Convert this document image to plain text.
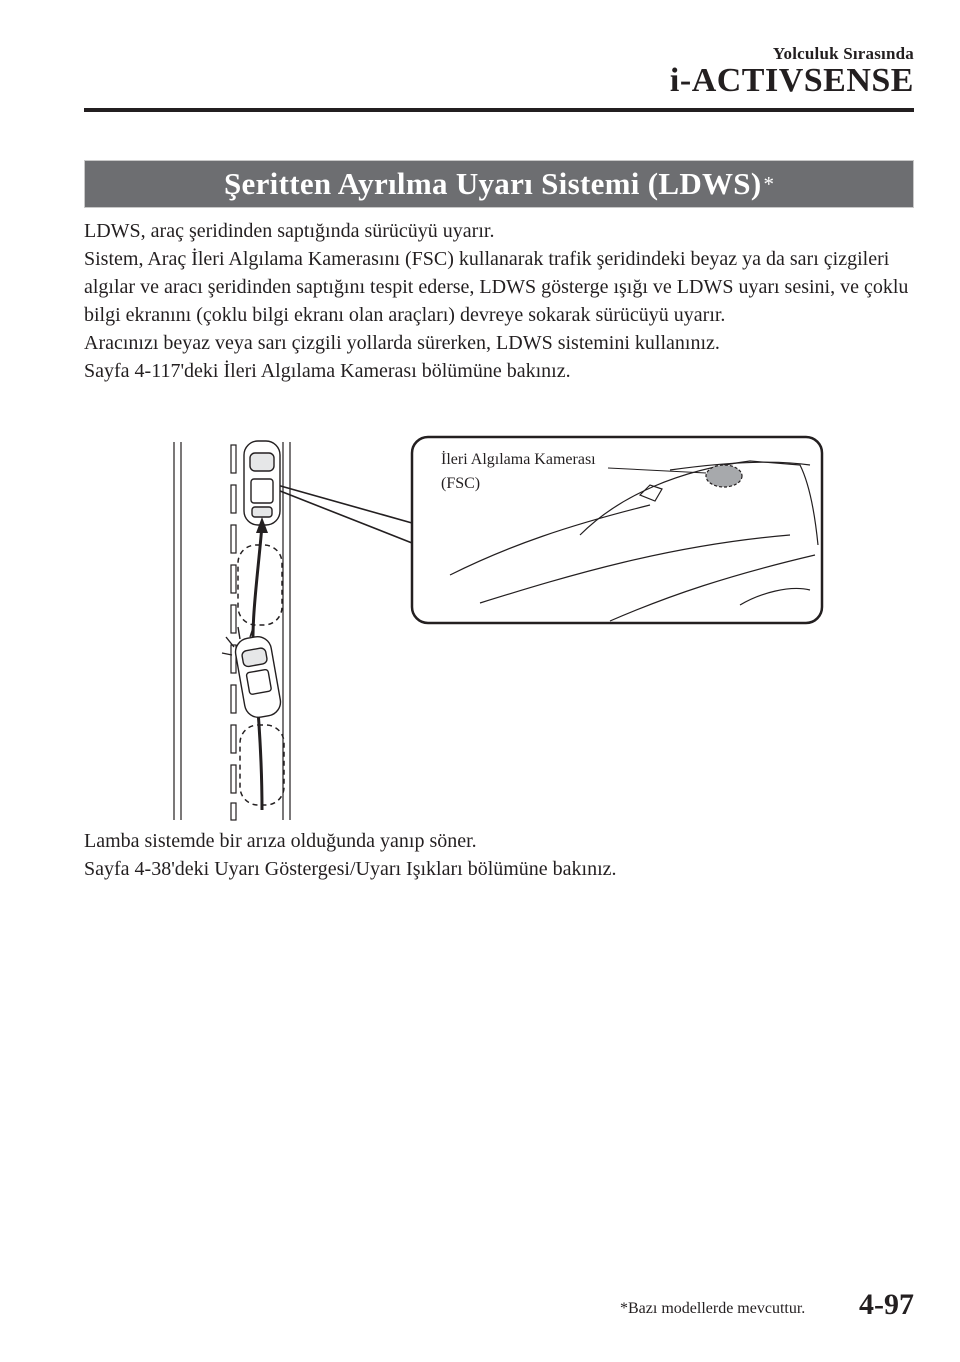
Yolculuk Sırasında
i-ACTIVSENSE
Şeritten Ayrılma Uyarı Sistemi (LDWS) *

LDWS, araç şeridinden saptığında sürücüyü uyarır.

Sistem, Araç İleri Algılama Kamerasını (FSC) kullanarak trafik şeridindeki beyaz ya da sarı çizgileri algılar ve aracı şeridinden saptığını tespit ederse, LDWS gösterge ışığı ve LDWS uyarı sesini, ve çoklu bilgi ekranını (çoklu bilgi ekranı olan araçları) devreye sokarak sürücüyü uyarır.

Aracınızı beyaz veya sarı çizgili yollarda sürerken, LDWS sistemini kullanınız.

Sayfa 4-117'deki İleri Algılama Kamerası bölümüne bakınız.

İleri Algılama Kamerası

(FSC)

Lamba sistemde bir arıza olduğunda yanıp söner.

Sayfa 4-38'deki Uyarı Göstergesi/Uyarı Işıkları bölümüne bakınız.

*Bazı modellerde mevcuttur. 4-97
